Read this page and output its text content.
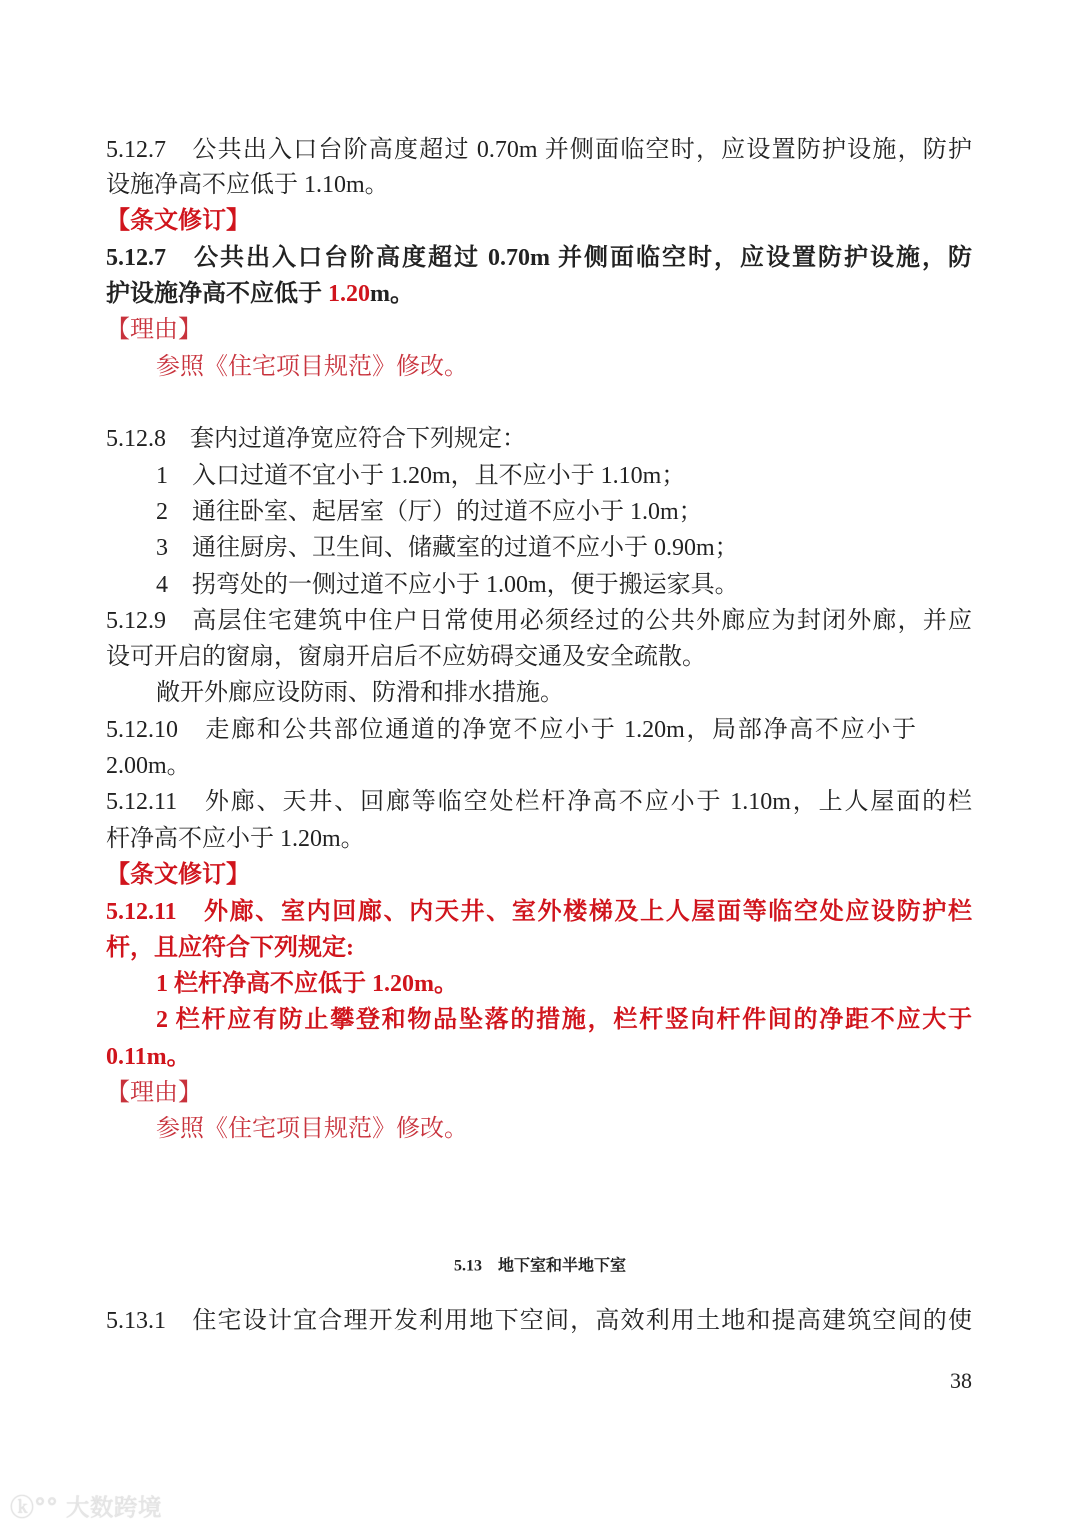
5.12.7　公共出入口台阶高度超过 0.70m 并侧面临空时，应设置防护设施，防护
设施净高不应低于 1.10m。
【条文修订】
5.12.7　公共出入口台阶高度超过 0.70m 并侧面临空时，应设置防护设施，防
护设施净高不应低于 1.20m。
【理由】
参照《住宅项目规范》修改。
5.12.8　套内过道净宽应符合下列规定：
1 入口过道不宜小于 1.20m，且不应小于 1.10m；
2 通往卧室、起居室（厅）的过道不应小于 1.0m；
3 通往厨房、卫生间、储藏室的过道不应小于 0.90m；
4 拐弯处的一侧过道不应小于 1.00m，便于搬运家具。
5.12.9　高层住宅建筑中住户日常使用必须经过的公共外廊应为封闭外廊，并应
设可开启的窗扇，窗扇开启后不应妨碍交通及安全疏散。
敞开外廊应设防雨、防滑和排水措施。
5.12.10　走廊和公共部位通道的净宽不应小于 1.20m，局部净高不应小于
2.00m。
5.12.11　外廊、天井、回廊等临空处栏杆净高不应小于 1.10m，上人屋面的栏
杆净高不应小于 1.20m。
【条文修订】
5.12.11　外廊、室内回廊、内天井、室外楼梯及上人屋面等临空处应设防护栏
杆，且应符合下列规定:
1 栏杆净高不应低于 1.20m。
2 栏杆应有防止攀登和物品坠落的措施，栏杆竖向杆件间的净距不应大于
0.11m。
【理由】
参照《住宅项目规范》修改。
5.13　地下室和半地下室
5.13.1　住宅设计宜合理开发利用地下空间，高效利用土地和提高建筑空间的使
38
ⓚ°° 大数跨境
